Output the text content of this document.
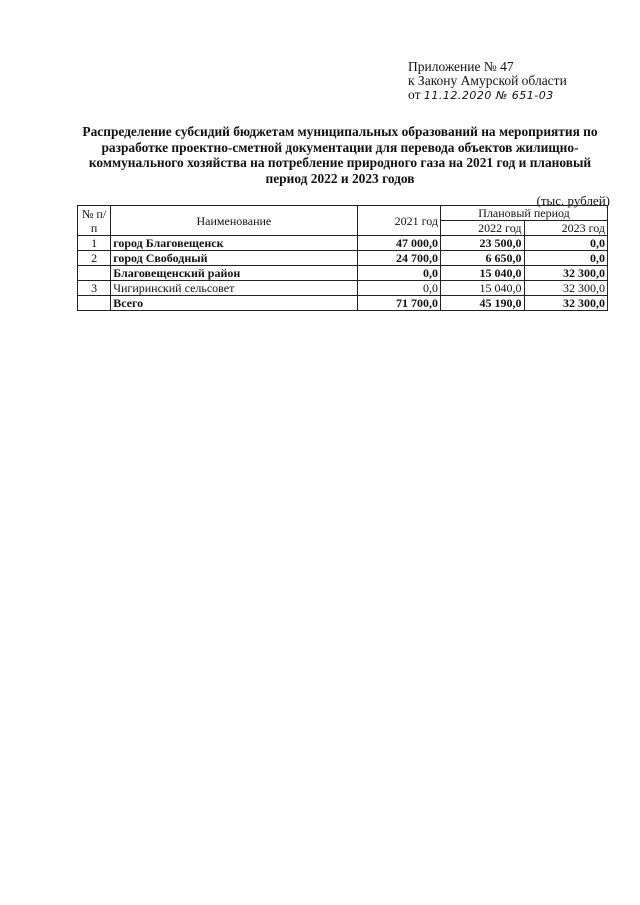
Приложение № 47
к Закону Амурской области
от 11.12.2020 № 651-03
Распределение субсидий бюджетам муниципальных образований на мероприятия по разработке проектно-сметной документации для перевода объектов жилищно-коммунального хозяйства на потребление природного газа на 2021 год и плановый период 2022 и 2023 годов
(тыс. рублей)
№ п/п	Наименование	2021 год	Плановый период	
			2022 год	2023 год
1	город Благовещенск	47 000,0	23 500,0	0,0
2	город Свободный	24 700,0	6 650,0	0,0
	Благовещенский район	0,0	15 040,0	32 300,0
3	Чигиринский сельсовет	0,0	15 040,0	32 300,0
	Всего	71 700,0	45 190,0	32 300,0
